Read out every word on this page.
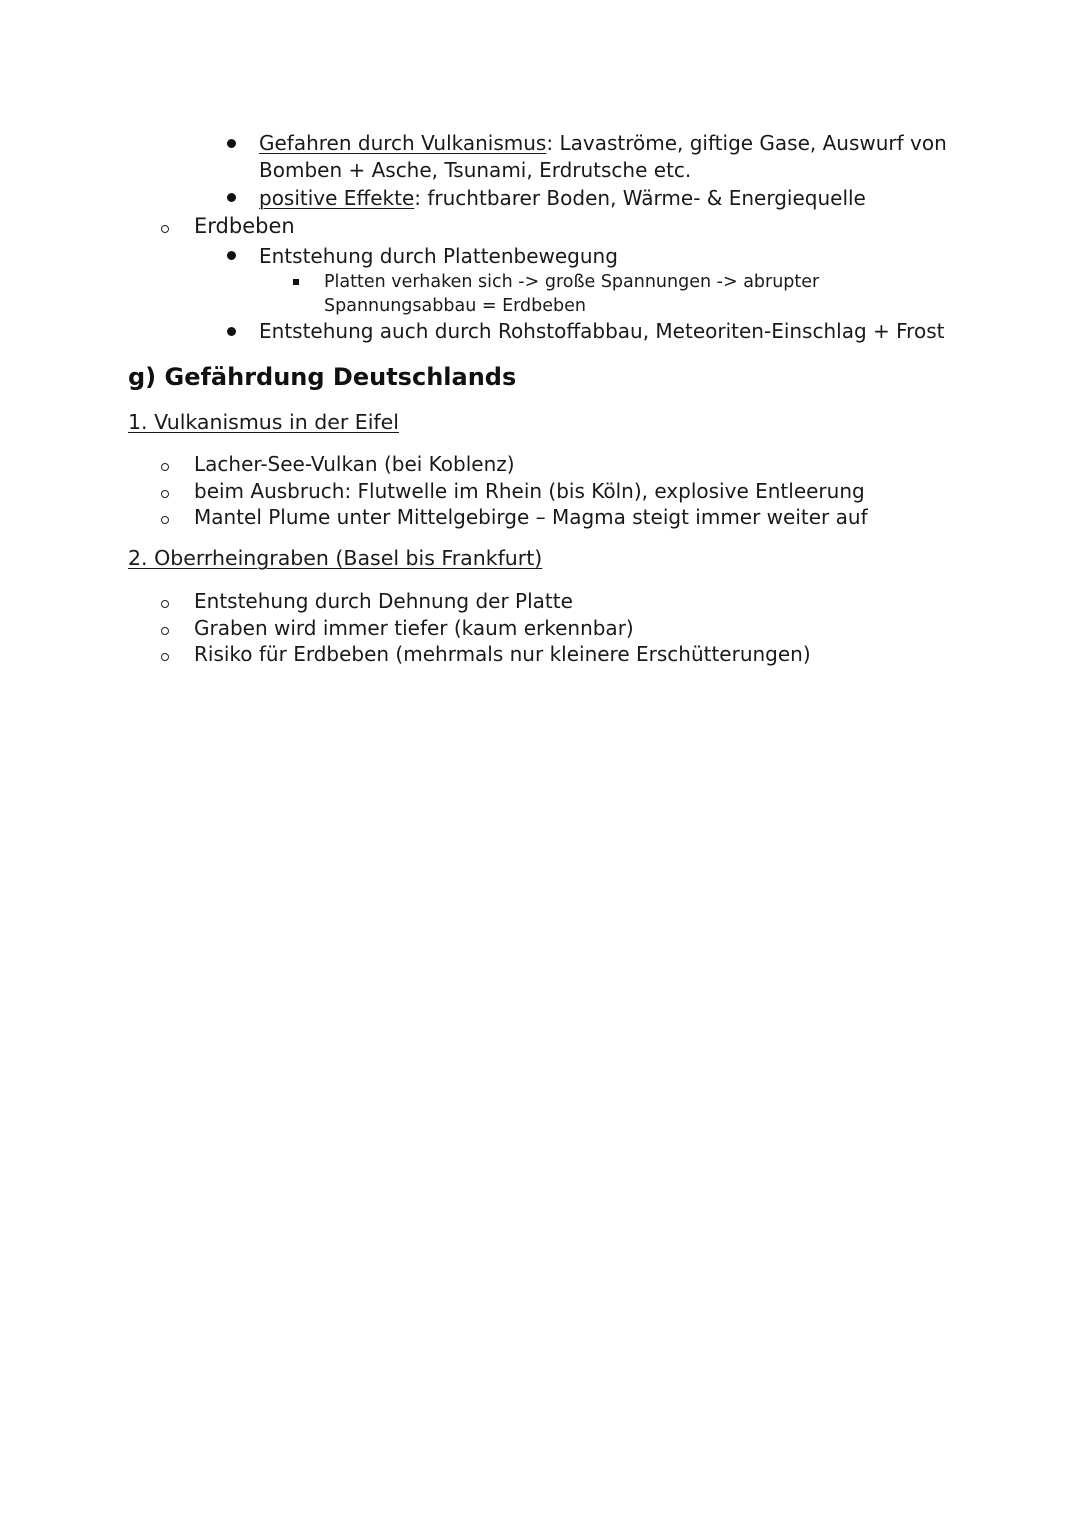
Gefahren durch Vulkanismus: Lavaströme, giftige Gase, Auswurf von
Bomben + Asche, Tsunami, Erdrutsche etc.
positive Effekte: fruchtbarer Boden, Wärme- & Energiequelle
Erdbeben
Entstehung durch Plattenbewegung
Platten verhaken sich -> große Spannungen -> abrupter
Spannungsabbau = Erdbeben
Entstehung auch durch Rohstoffabbau, Meteoriten-Einschlag + Frost
g) Gefährdung Deutschlands
1. Vulkanismus in der Eifel
Lacher-See-Vulkan (bei Koblenz)
beim Ausbruch: Flutwelle im Rhein (bis Köln), explosive Entleerung
Mantel Plume unter Mittelgebirge – Magma steigt immer weiter auf
2. Oberrheingraben (Basel bis Frankfurt)
Entstehung durch Dehnung der Platte
Graben wird immer tiefer (kaum erkennbar)
Risiko für Erdbeben (mehrmals nur kleinere Erschütterungen)
